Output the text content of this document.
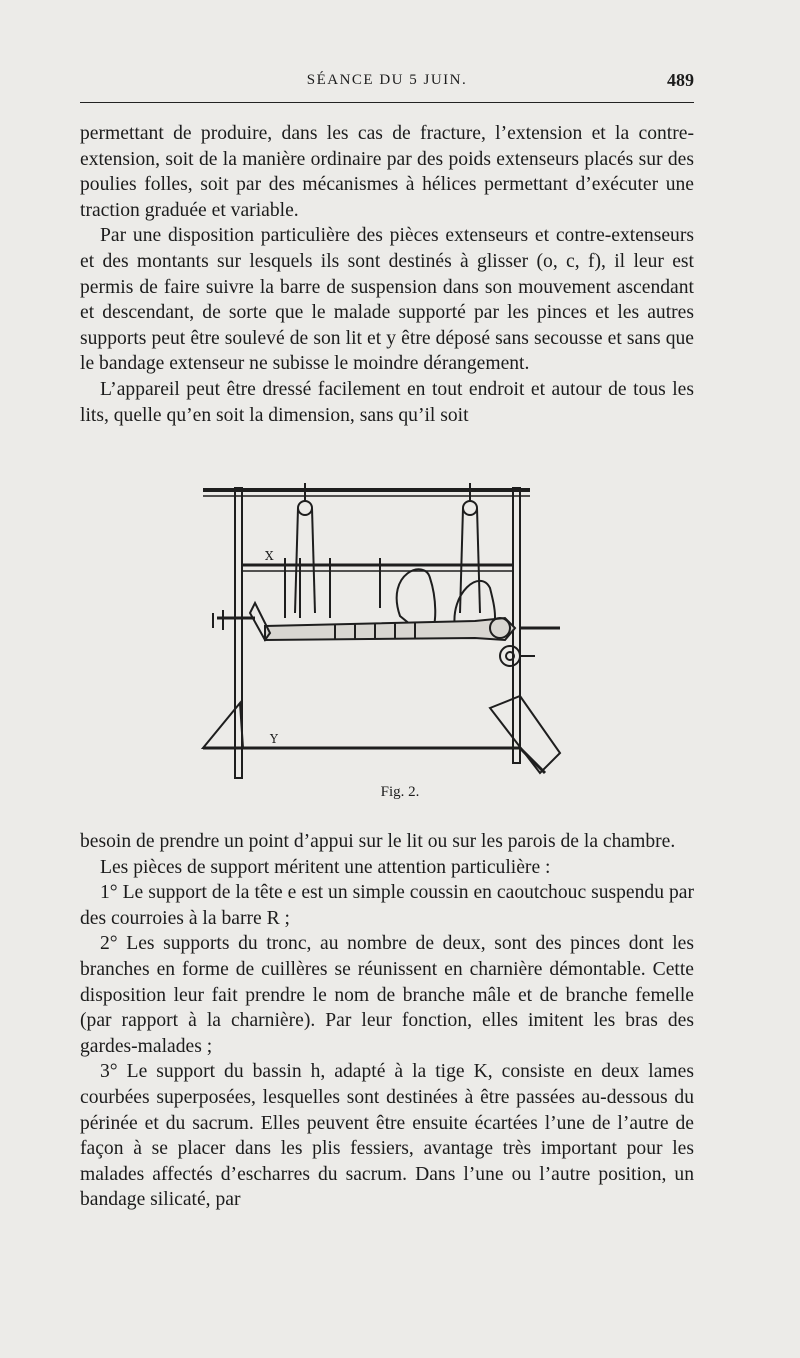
SÉANCE DU 5 JUIN.	489

permettant de produire, dans les cas de fracture, l’extension et la contre-extension, soit de la manière ordinaire par des poids extenseurs placés sur des poulies folles, soit par des mécanismes à hélices permettant d’exécuter une traction graduée et variable.

Par une disposition particulière des pièces extenseurs et contre-extenseurs et des montants sur lesquels ils sont destinés à glisser (o, c, f), il leur est permis de faire suivre la barre de suspension dans son mouvement ascendant et descendant, de sorte que le malade supporté par les pinces et les autres supports peut être soulevé de son lit et y être déposé sans secousse et sans que le bandage extenseur ne subisse le moindre dérangement.

L’appareil peut être dressé facilement en tout endroit et autour de tous les lits, quelle qu’en soit la dimension, sans qu’il soit

X
Y
Fig. 2.

besoin de prendre un point d’appui sur le lit ou sur les parois de la chambre.

Les pièces de support méritent une attention particulière :

1° Le support de la tête e est un simple coussin en caoutchouc suspendu par des courroies à la barre R ;

2° Les supports du tronc, au nombre de deux, sont des pinces dont les branches en forme de cuillères se réunissent en charnière démontable. Cette disposition leur fait prendre le nom de branche mâle et de branche femelle (par rapport à la charnière). Par leur fonction, elles imitent les bras des gardes-malades ;

3° Le support du bassin h, adapté à la tige K, consiste en deux lames courbées superposées, lesquelles sont destinées à être passées au-dessous du périnée et du sacrum. Elles peuvent être ensuite écartées l’une de l’autre de façon à se placer dans les plis fessiers, avantage très important pour les malades affectés d’escharres du sacrum. Dans l’une ou l’autre position, un bandage silicaté, par
